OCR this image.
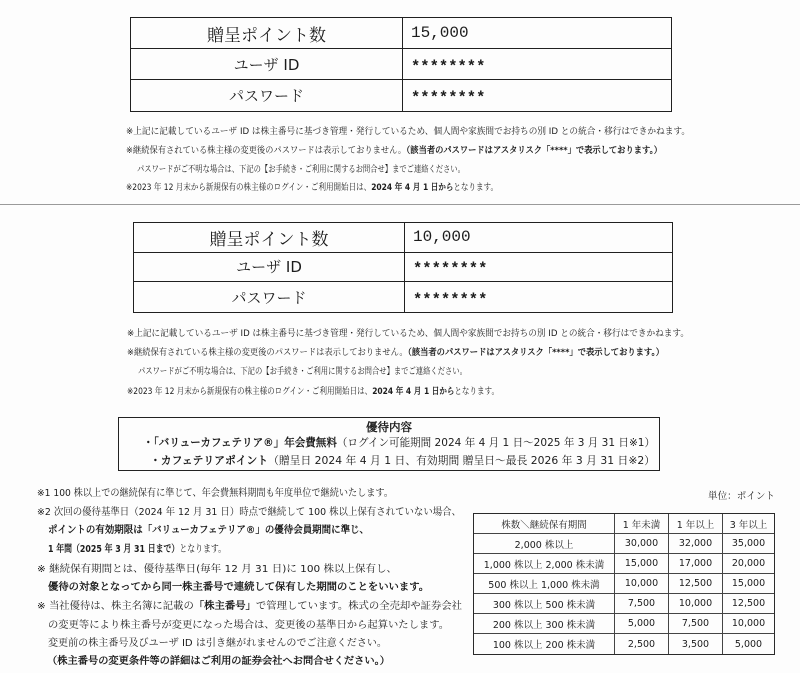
贈呈ポイント数	15,000
ユーザ ID	********
パスワード	********
※上記に記載しているユーザ ID は株主番号に基づき管理・発行しているため、個人間や家族間でお持ちの別 ID との統合・移行はできかねます。
※継続保有されている株主様の変更後のパスワードは表示しておりません。（該当者のパスワードはアスタリスク「****」で表示しております。）
パスワードがご不明な場合は、下記の【お手続き・ご利用に関するお問合せ】までご連絡ください。
※2023 年 12 月末から新規保有の株主様のログイン・ご利用開始日は、2024 年 4 月 1 日からとなります。
贈呈ポイント数	10,000
ユーザ ID	********
パスワード	********
※上記に記載しているユーザ ID は株主番号に基づき管理・発行しているため、個人間や家族間でお持ちの別 ID との統合・移行はできかねます。
※継続保有されている株主様の変更後のパスワードは表示しておりません。（該当者のパスワードはアスタリスク「****」で表示しております。）
パスワードがご不明な場合は、下記の【お手続き・ご利用に関するお問合せ】までご連絡ください。
※2023 年 12 月末から新規保有の株主様のログイン・ご利用開始日は、2024 年 4 月 1 日からとなります。
優待内容
・「バリューカフェテリア®」年会費無料（ログイン可能期間 2024 年 4 月 1 日～2025 年 3 月 31 日※1）
・カフェテリアポイント（贈呈日 2024 年 4 月 1 日、有効期間 贈呈日～最長 2026 年 3 月 31 日※2）
※1 100 株以上での継続保有に準じて、年会費無料期間も年度単位で継続いたします。
※2 次回の優待基準日（2024 年 12 月 31 日）時点で継続して 100 株以上保有されていない場合、
ポイントの有効期限は「バリューカフェテリア®」の優待会員期間に準じ、
1 年間（2025 年 3 月 31 日まで）となります。
※ 継続保有期間とは、優待基準日(毎年 12 月 31 日)に 100 株以上保有し、
優待の対象となってから同一株主番号で連続して保有した期間のことをいいます。
※ 当社優待は、株主名簿に記載の「株主番号」で管理しています。株式の全売却や証券会社
の変更等により株主番号が変更になった場合は、変更後の基準日から起算いたします。
変更前の株主番号及びユーザ ID は引き継がれませんのでご注意ください。
（株主番号の変更条件等の詳細はご利用の証券会社へお問合せください。）
単位：ポイント
株数＼継続保有期間	1 年未満	1 年以上	3 年以上
2,000 株以上	30,000	32,000	35,000
1,000 株以上 2,000 株未満	15,000	17,000	20,000
500 株以上 1,000 株未満	10,000	12,500	15,000
300 株以上 500 株未満	7,500	10,000	12,500
200 株以上 300 株未満	5,000	7,500	10,000
100 株以上 200 株未満	2,500	3,500	5,000
